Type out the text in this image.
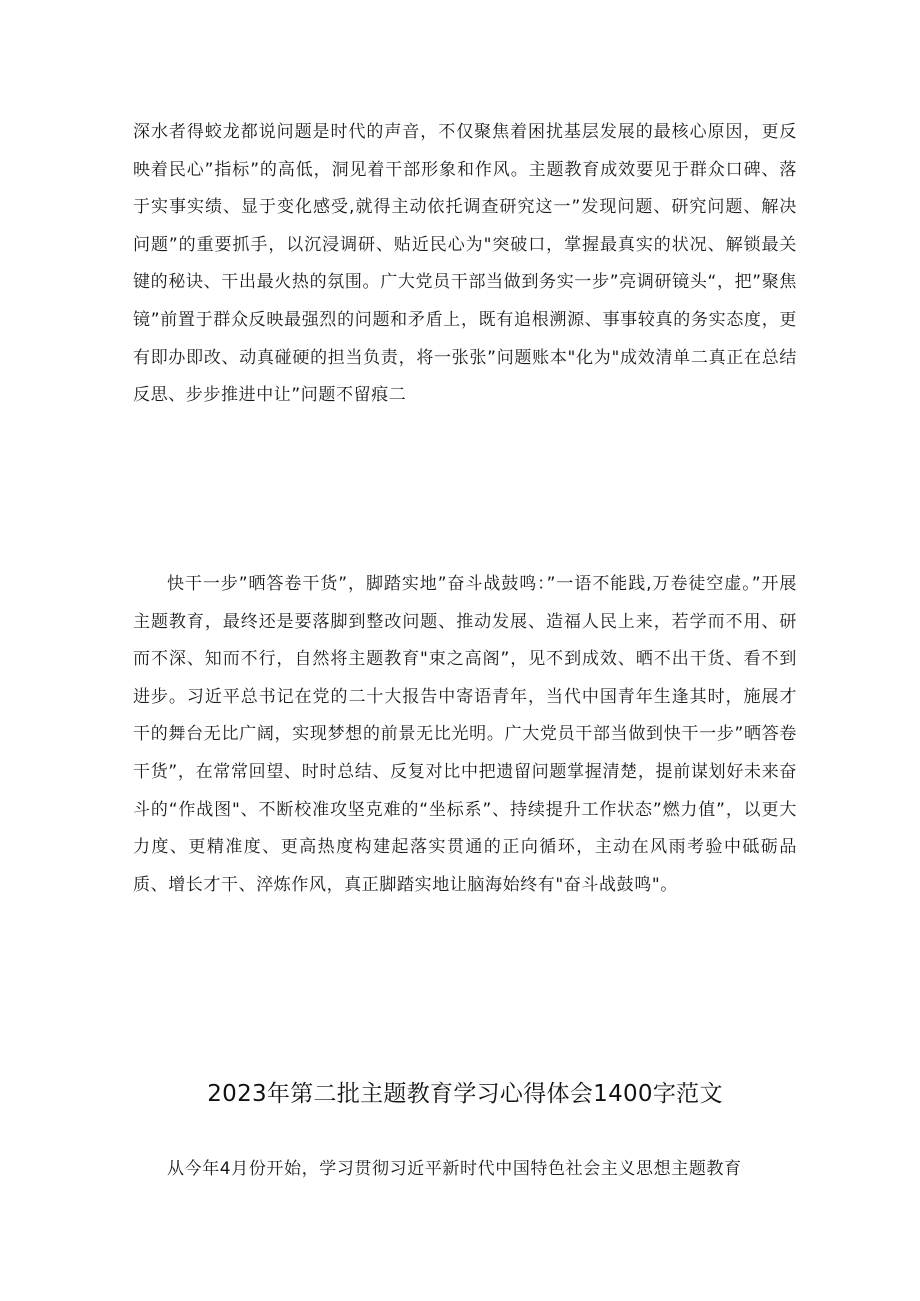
深水者得蛟龙都说问题是时代的声音，不仅聚焦着困扰基层发展的最核心原因，更反映着民心”指标”的高低，洞见着干部形象和作风。主题教育成效要见于群众口碑、落于实事实绩、显于变化感受,就得主动依托调查研究这一”发现问题、研究问题、解决问题”的重要抓手，以沉浸调研、贴近民心为"突破口，掌握最真实的状况、解锁最关键的秘诀、干出最火热的氛围。广大党员干部当做到务实一步”亮调研镜头“，把”聚焦镜”前置于群众反映最强烈的问题和矛盾上，既有追根溯源、事事较真的务实态度，更有即办即改、动真碰硬的担当负责，将一张张”问题账本"化为"成效清单二真正在总结反思、步步推进中让”问题不留痕二

快干一步”晒答卷干货”，脚踏实地”奋斗战鼓鸣：”一语不能践,万卷徒空虚。”开展主题教育，最终还是要落脚到整改问题、推动发展、造福人民上来，若学而不用、研而不深、知而不行，自然将主题教育"束之高阁”，见不到成效、晒不出干货、看不到进步。习近平总书记在党的二十大报告中寄语青年，当代中国青年生逢其时，施展才干的舞台无比广阔，实现梦想的前景无比光明。广大党员干部当做到快干一步”晒答卷干货”，在常常回望、时时总结、反复对比中把遗留问题掌握清楚，提前谋划好未来奋斗的“作战图"、不断校准攻坚克难的“坐标系”、持续提升工作状态”燃力值”，以更大力度、更精准度、更高热度构建起落实贯通的正向循环，主动在风雨考验中砥砺品质、增长才干、淬炼作风，真正脚踏实地让脑海始终有"奋斗战鼓鸣"。

2023年第二批主题教育学习心得体会1400字范文

从今年4月份开始，学习贯彻习近平新时代中国特色社会主义思想主题教育
